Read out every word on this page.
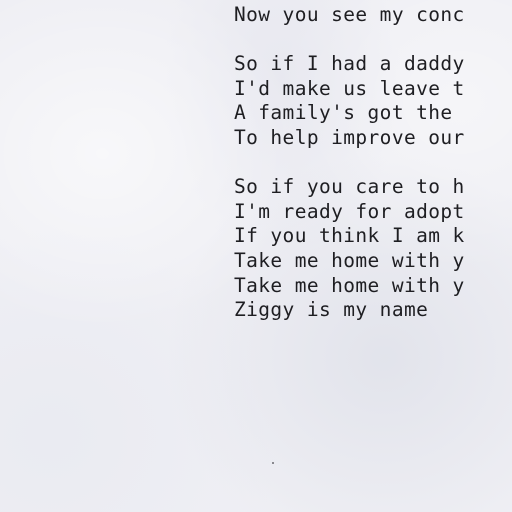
Now you see my conc
So if I had a daddy
I'd make us leave t
A family's got the
To help improve our
So if you care to h
I'm ready for adopt
If you think I am k
Take me home with y
Take me home with y
Ziggy is my name
